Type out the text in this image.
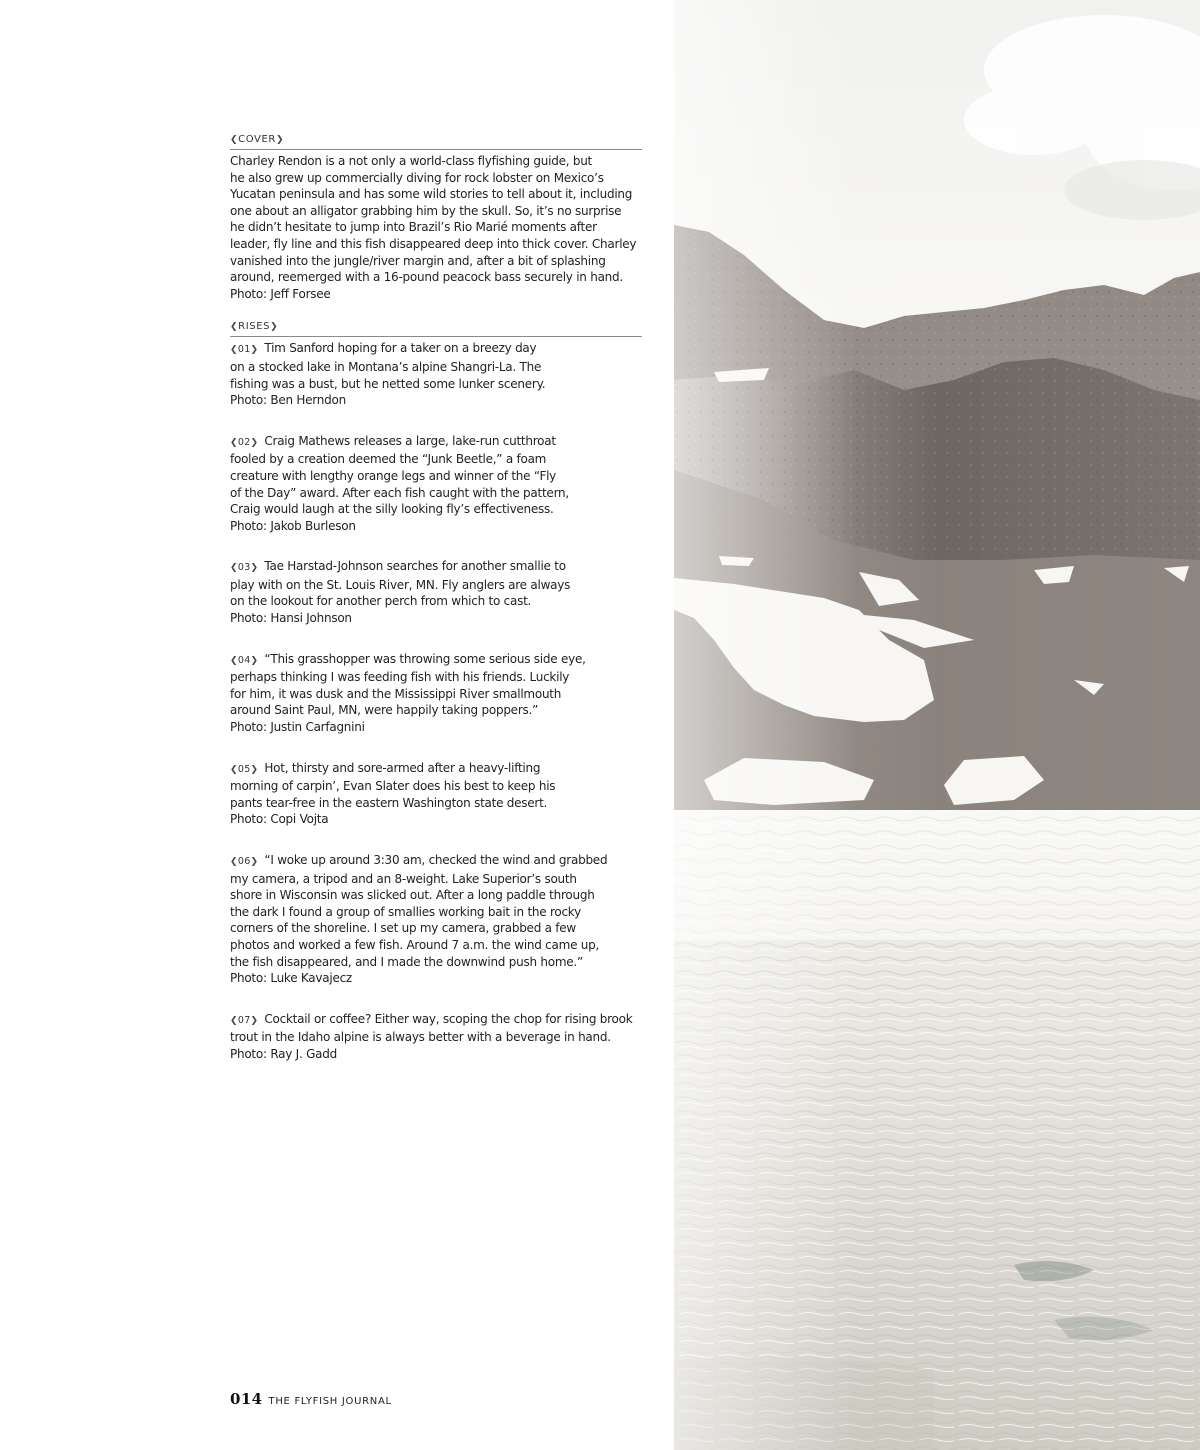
❮ COVER ❯

Charley Rendon is a not only a world-class flyfishing guide, but
he also grew up commercially diving for rock lobster on Mexico’s
Yucatan peninsula and has some wild stories to tell about it, including
one about an alligator grabbing him by the skull. So, it’s no surprise
he didn’t hesitate to jump into Brazil’s Rio Marié moments after
leader, fly line and this fish disappeared deep into thick cover. Charley
vanished into the jungle/river margin and, after a bit of splashing
around, reemerged with a 16-pound peacock bass securely in hand.
Photo: Jeff Forsee

❮ RISES ❯

❮01❯ Tim Sanford hoping for a taker on a breezy day
on a stocked lake in Montana’s alpine Shangri-La. The
fishing was a bust, but he netted some lunker scenery.
Photo: Ben Herndon

❮02❯ Craig Mathews releases a large, lake-run cutthroat
fooled by a creation deemed the “Junk Beetle,” a foam
creature with lengthy orange legs and winner of the “Fly
of the Day” award. After each fish caught with the pattern,
Craig would laugh at the silly looking fly’s effectiveness.
Photo: Jakob Burleson

❮03❯ Tae Harstad-Johnson searches for another smallie to
play with on the St. Louis River, MN. Fly anglers are always
on the lookout for another perch from which to cast.
Photo: Hansi Johnson

❮04❯ “This grasshopper was throwing some serious side eye,
perhaps thinking I was feeding fish with his friends. Luckily
for him, it was dusk and the Mississippi River smallmouth
around Saint Paul, MN, were happily taking poppers.”
Photo: Justin Carfagnini

❮05❯ Hot, thirsty and sore-armed after a heavy-lifting
morning of carpin’, Evan Slater does his best to keep his
pants tear-free in the eastern Washington state desert.
Photo: Copi Vojta

❮06❯ “I woke up around 3:30 am, checked the wind and grabbed
my camera, a tripod and an 8-weight. Lake Superior’s south
shore in Wisconsin was slicked out. After a long paddle through
the dark I found a group of smallies working bait in the rocky
corners of the shoreline. I set up my camera, grabbed a few
photos and worked a few fish. Around 7 a.m. the wind came up,
the fish disappeared, and I made the downwind push home.”
Photo: Luke Kavajecz

❮07❯ Cocktail or coffee? Either way, scoping the chop for rising brook
trout in the Idaho alpine is always better with a beverage in hand.
Photo: Ray J. Gadd

014 THE FLYFISH JOURNAL
